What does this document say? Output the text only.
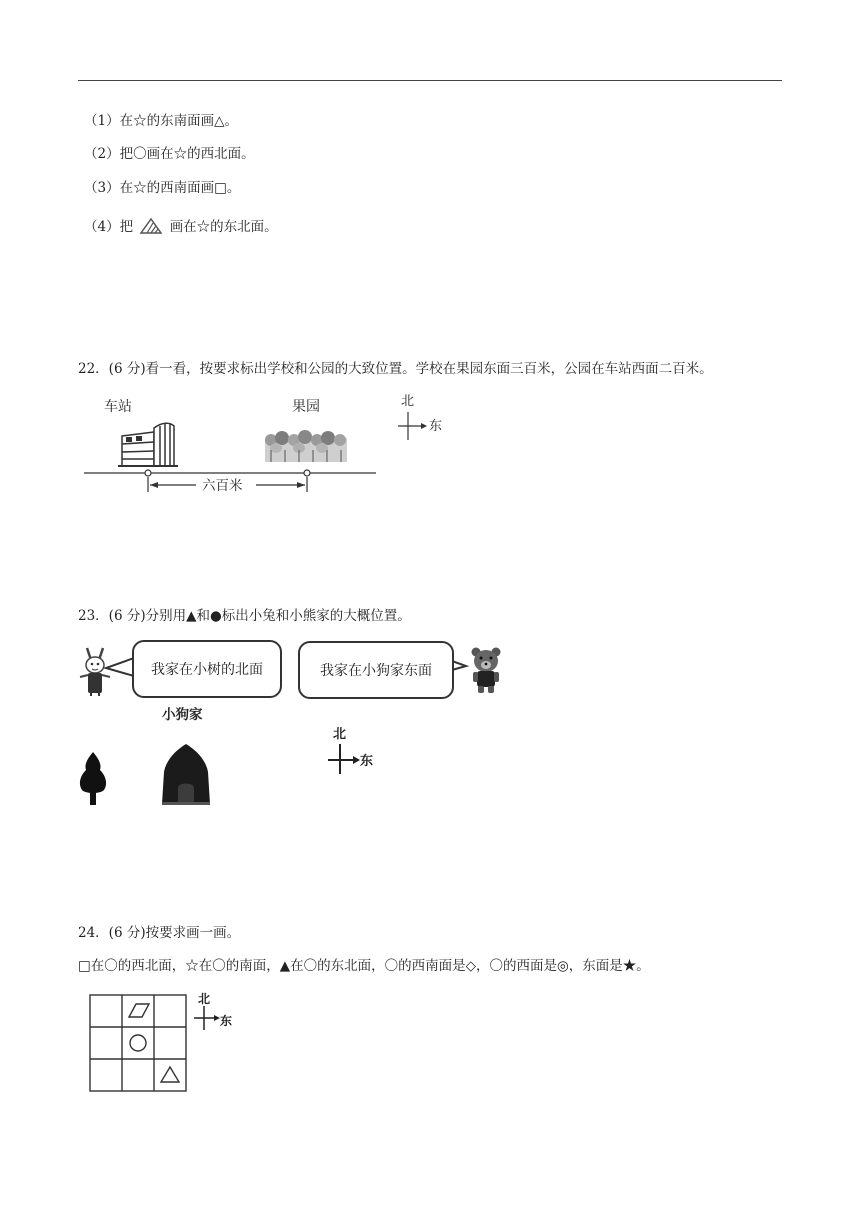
（1）在☆的东南面画△。
（2）把〇画在☆的西北面。
（3）在☆的西南面画□。
（4）把	画在☆的东北面。
22．(6 分)看一看，按要求标出学校和公园的大致位置。学校在果园东面三百米，公园在车站西面二百米。
车站	果园
六百米
北
东
23．(6 分)分别用▲和●标出小兔和小熊家的大概位置。
我家在小树的北面	我家在小狗家东面
小狗家
北
东
24．(6 分)按要求画一画。
□在〇的西北面，☆在〇的南面，▲在〇的东北面，〇的西南面是◇，〇的西面是◎，东面是★。
北
东
